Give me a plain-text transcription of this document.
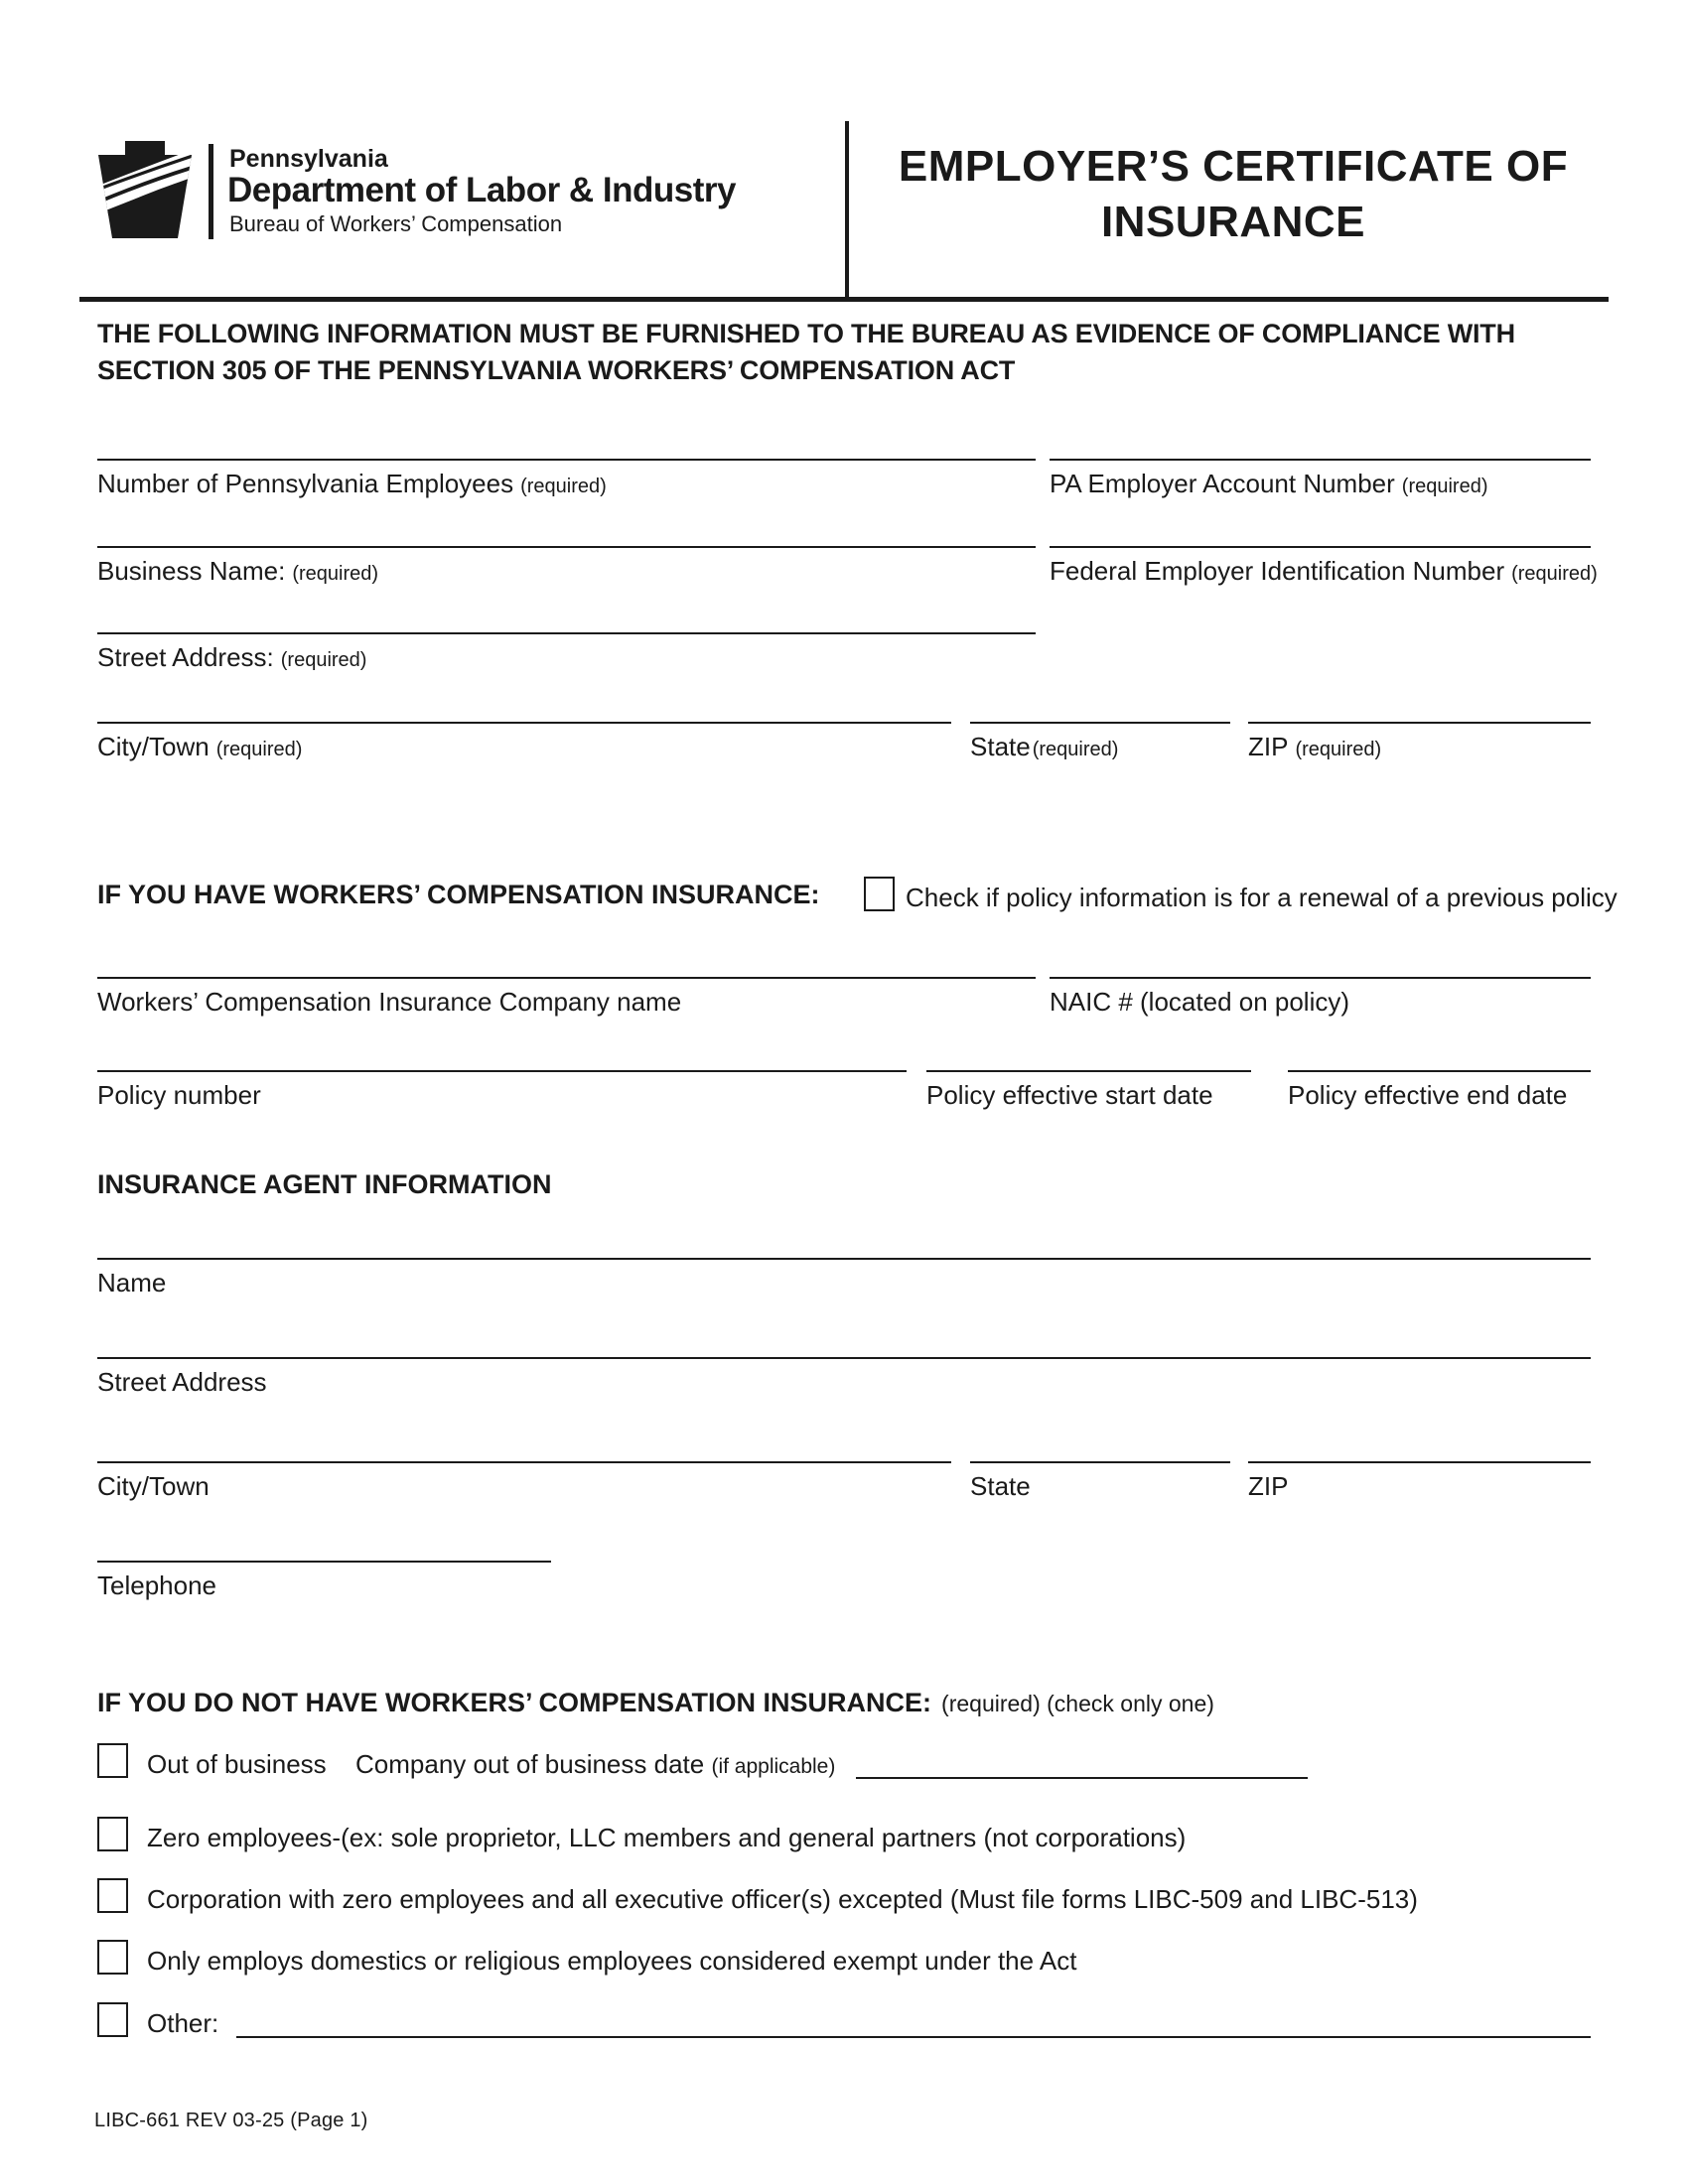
Pennsylvania
Department of Labor & Industry
Bureau of Workers’ Compensation
EMPLOYER’S CERTIFICATE OF INSURANCE
THE FOLLOWING INFORMATION MUST BE FURNISHED TO THE BUREAU AS EVIDENCE OF COMPLIANCE WITH
SECTION 305 OF THE PENNSYLVANIA WORKERS’ COMPENSATION ACT
Number of Pennsylvania Employees (required)	PA Employer Account Number (required)
Business Name: (required)	Federal Employer Identification Number (required)
Street Address: (required)
City/Town (required)	State (required)	ZIP (required)
IF YOU HAVE WORKERS’ COMPENSATION INSURANCE:	Check if policy information is for a renewal of a previous policy
Workers’ Compensation Insurance Company name	NAIC # (located on policy)
Policy number	Policy effective start date	Policy effective end date
INSURANCE AGENT INFORMATION
Name
Street Address
City/Town	State	ZIP
Telephone
IF YOU DO NOT HAVE WORKERS’ COMPENSATION INSURANCE: (required) (check only one)
Out of business Company out of business date (if applicable)
Zero employees-(ex: sole proprietor, LLC members and general partners (not corporations)
Corporation with zero employees and all executive officer(s) excepted (Must file forms LIBC-509 and LIBC-513)
Only employs domestics or religious employees considered exempt under the Act
Other:
LIBC-661 REV 03-25 (Page 1)
